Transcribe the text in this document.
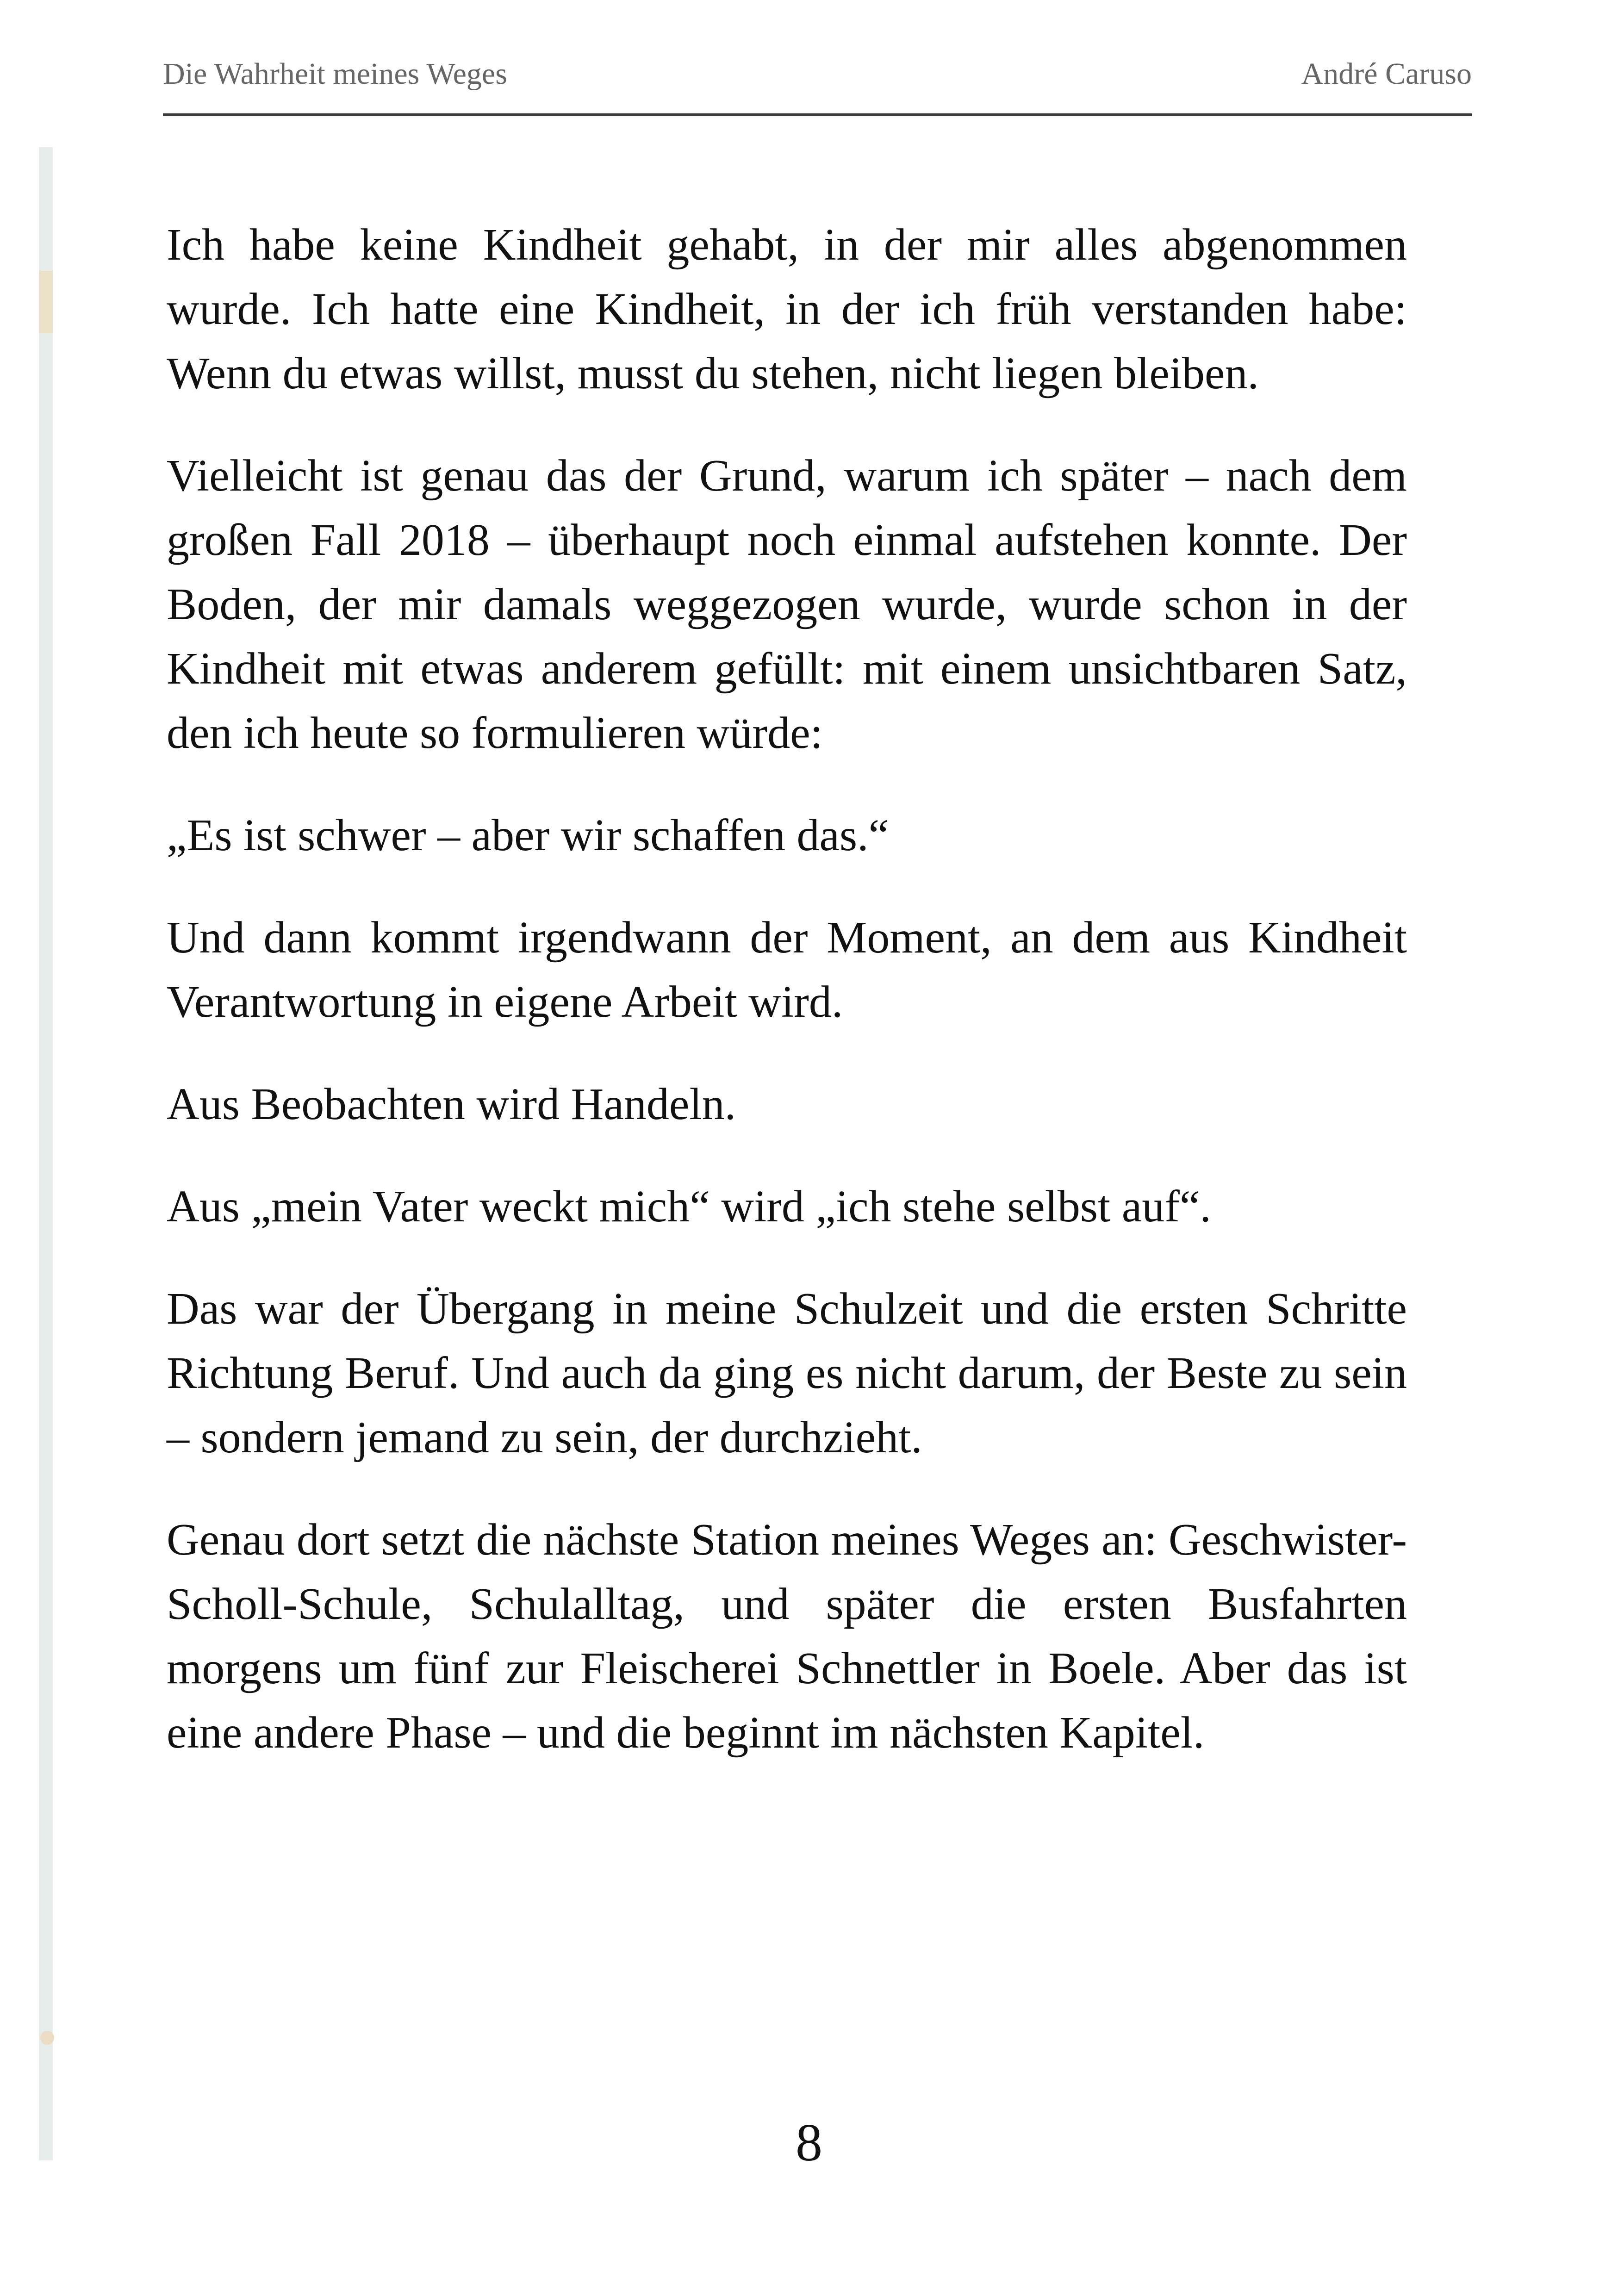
Die Wahrheit meines Weges	André Caruso

Ich habe keine Kindheit gehabt, in der mir alles abgenommen wurde. Ich hatte eine Kindheit, in der ich früh verstanden habe: Wenn du etwas willst, musst du stehen, nicht liegen bleiben.

Vielleicht ist genau das der Grund, warum ich später – nach dem großen Fall 2018 – überhaupt noch einmal aufstehen konnte. Der Boden, der mir damals weggezogen wurde, wurde schon in der Kindheit mit etwas anderem gefüllt: mit einem unsichtbaren Satz, den ich heute so formulieren würde:

„Es ist schwer – aber wir schaffen das.“

Und dann kommt irgendwann der Moment, an dem aus Kindheit Verantwortung in eigene Arbeit wird.

Aus Beobachten wird Handeln.

Aus „mein Vater weckt mich“ wird „ich stehe selbst auf“.

Das war der Übergang in meine Schulzeit und die ersten Schritte Richtung Beruf. Und auch da ging es nicht darum, der Beste zu sein – sondern jemand zu sein, der durchzieht.

Genau dort setzt die nächste Station meines Weges an: Geschwister-Scholl-Schule, Schulalltag, und später die ersten Busfahrten morgens um fünf zur Fleischerei Schnettler in Boele. Aber das ist eine andere Phase – und die beginnt im nächsten Kapitel.

8
